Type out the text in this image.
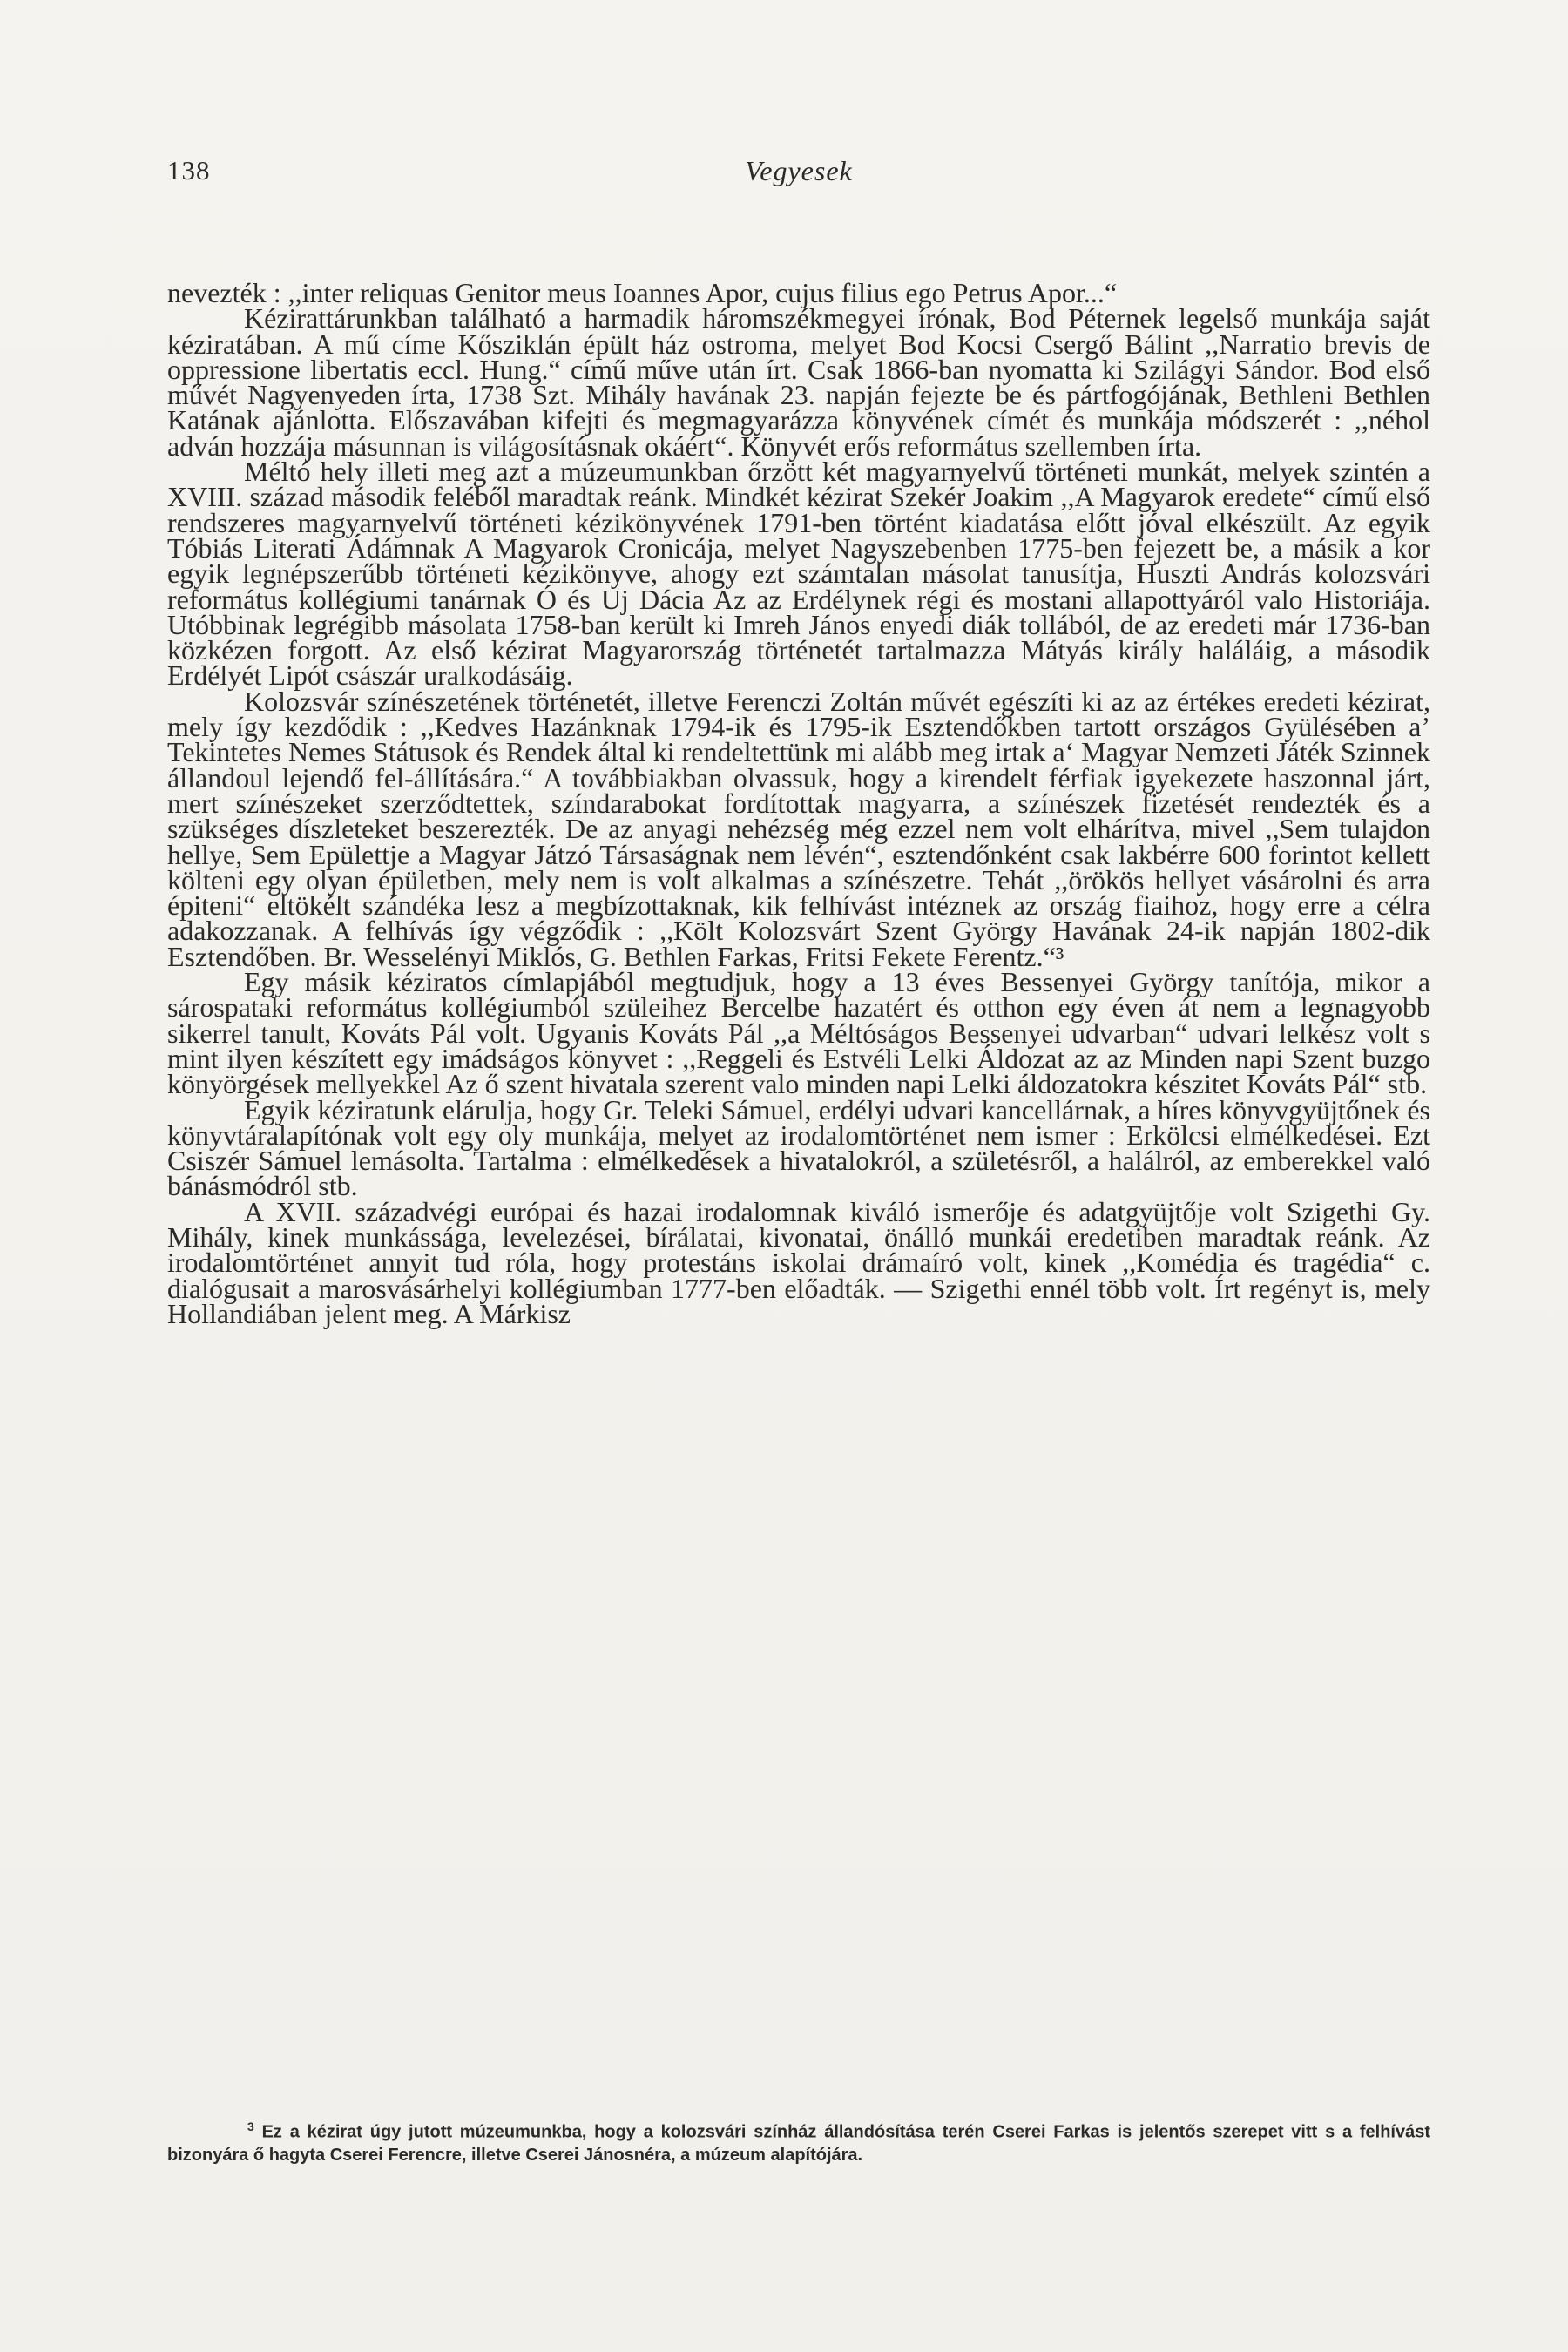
138	Vegyesek

nevezték : ,,inter reliquas Genitor meus Ioannes Apor, cujus filius ego Petrus Apor...“

Kézirattárunkban található a harmadik háromszékmegyei írónak, Bod Péternek legelső munkája saját kéziratában. A mű címe Kősziklán épült ház ostroma, melyet Bod Kocsi Csergő Bálint ,,Narratio brevis de oppressione libertatis eccl. Hung.“ című műve után írt. Csak 1866-ban nyomatta ki Szilágyi Sándor. Bod első művét Nagyenyeden írta, 1738 Szt. Mihály havának 23. napján fejezte be és pártfogójának, Bethleni Bethlen Katának ajánlotta. Előszavában kifejti és megmagyarázza könyvének címét és munkája módszerét : ,,néhol adván hozzája másunnan is világosításnak okáért“. Könyvét erős református szellemben írta.

Méltó hely illeti meg azt a múzeumunkban őrzött két magyarnyelvű történeti munkát, melyek szintén a XVIII. század második feléből maradtak reánk. Mindkét kézirat Szekér Joakim ,,A Magyarok eredete“ című első rendszeres magyarnyelvű történeti kézikönyvének 1791-ben történt kiadatása előtt jóval elkészült. Az egyik Tóbiás Literati Ádámnak A Magyarok Cronicája, melyet Nagyszebenben 1775-ben fejezett be, a másik a kor egyik legnépszerűbb történeti kézikönyve, ahogy ezt számtalan másolat tanusítja, Huszti András kolozsvári református kollégiumi tanárnak Ó és Uj Dácia Az az Erdélynek régi és mostani allapottyáról valo Historiája. Utóbbinak legrégibb másolata 1758-ban került ki Imreh János enyedi diák tollából, de az eredeti már 1736-ban közkézen forgott. Az első kézirat Magyarország történetét tartalmazza Mátyás király haláláig, a második Erdélyét Lipót császár uralkodásáig.

Kolozsvár színészetének történetét, illetve Ferenczi Zoltán művét egészíti ki az az értékes eredeti kézirat, mely így kezdődik : ,,Kedves Hazánknak 1794-ik és 1795-ik Esztendőkben tartott országos Gyülésében a’ Tekintetes Nemes Státusok és Rendek által ki rendeltettünk mi alább meg irtak a‘ Magyar Nemzeti Játék Szinnek állandoul lejendő fel-állítására.“ A továbbiakban olvassuk, hogy a kirendelt férfiak igyekezete haszonnal járt, mert színészeket szerződtettek, színdarabokat fordítottak magyarra, a színészek fizetését rendezték és a szükséges díszleteket beszerezték. De az anyagi nehézség még ezzel nem volt elhárítva, mivel ,,Sem tulajdon hellye, Sem Epülettje a Magyar Játzó Társaságnak nem lévén“, esztendőnként csak lakbérre 600 forintot kellett költeni egy olyan épületben, mely nem is volt alkalmas a színészetre. Tehát ,,örökös hellyet vásárolni és arra épiteni“ eltökélt szándéka lesz a megbízottaknak, kik felhívást intéznek az ország fiaihoz, hogy erre a célra adakozzanak. A felhívás így végződik : ,,Költ Kolozsvárt Szent György Havának 24-ik napján 1802-dik Esztendőben. Br. Wesselényi Miklós, G. Bethlen Farkas, Fritsi Fekete Ferentz.“³

Egy másik kéziratos címlapjából megtudjuk, hogy a 13 éves Bessenyei György tanítója, mikor a sárospataki református kollégiumból szüleihez Bercelbe hazatért és otthon egy éven át nem a legnagyobb sikerrel tanult, Kováts Pál volt. Ugyanis Kováts Pál ,,a Méltóságos Bessenyei udvarban“ udvari lelkész volt s mint ilyen készített egy imádságos könyvet : ,,Reggeli és Estvéli Lelki Áldozat az az Minden napi Szent buzgo könyörgések mellyekkel Az ő szent hivatala szerent valo minden napi Lelki áldozatokra készitet Kováts Pál“ stb.

Egyik kéziratunk elárulja, hogy Gr. Teleki Sámuel, erdélyi udvari kancellárnak, a híres könyvgyüjtőnek és könyvtáralapítónak volt egy oly munkája, melyet az irodalomtörténet nem ismer : Erkölcsi elmélkedései. Ezt Csiszér Sámuel lemásolta. Tartalma : elmélkedések a hivatalokról, a születésről, a halálról, az emberekkel való bánásmódról stb.

A XVII. századvégi európai és hazai irodalomnak kiváló ismerője és adatgyüjtője volt Szigethi Gy. Mihály, kinek munkássága, levelezései, bírálatai, kivonatai, önálló munkái eredetiben maradtak reánk. Az irodalomtörténet annyit tud róla, hogy protestáns iskolai drámaíró volt, kinek ,,Komédia és tragédia“ c. dialógusait a marosvásárhelyi kollégiumban 1777-ben előadták. — Szigethi ennél több volt. Írt regényt is, mely Hollandiában jelent meg. A Márkisz

$^3$ Ez a kézirat úgy jutott múzeumunkba, hogy a kolozsvári színház állandósítása terén Cserei Farkas is jelentős szerepet vitt s a felhívást bizonyára ő hagyta Cserei Ferencre, illetve Cserei Jánosnéra, a múzeum alapítójára.
